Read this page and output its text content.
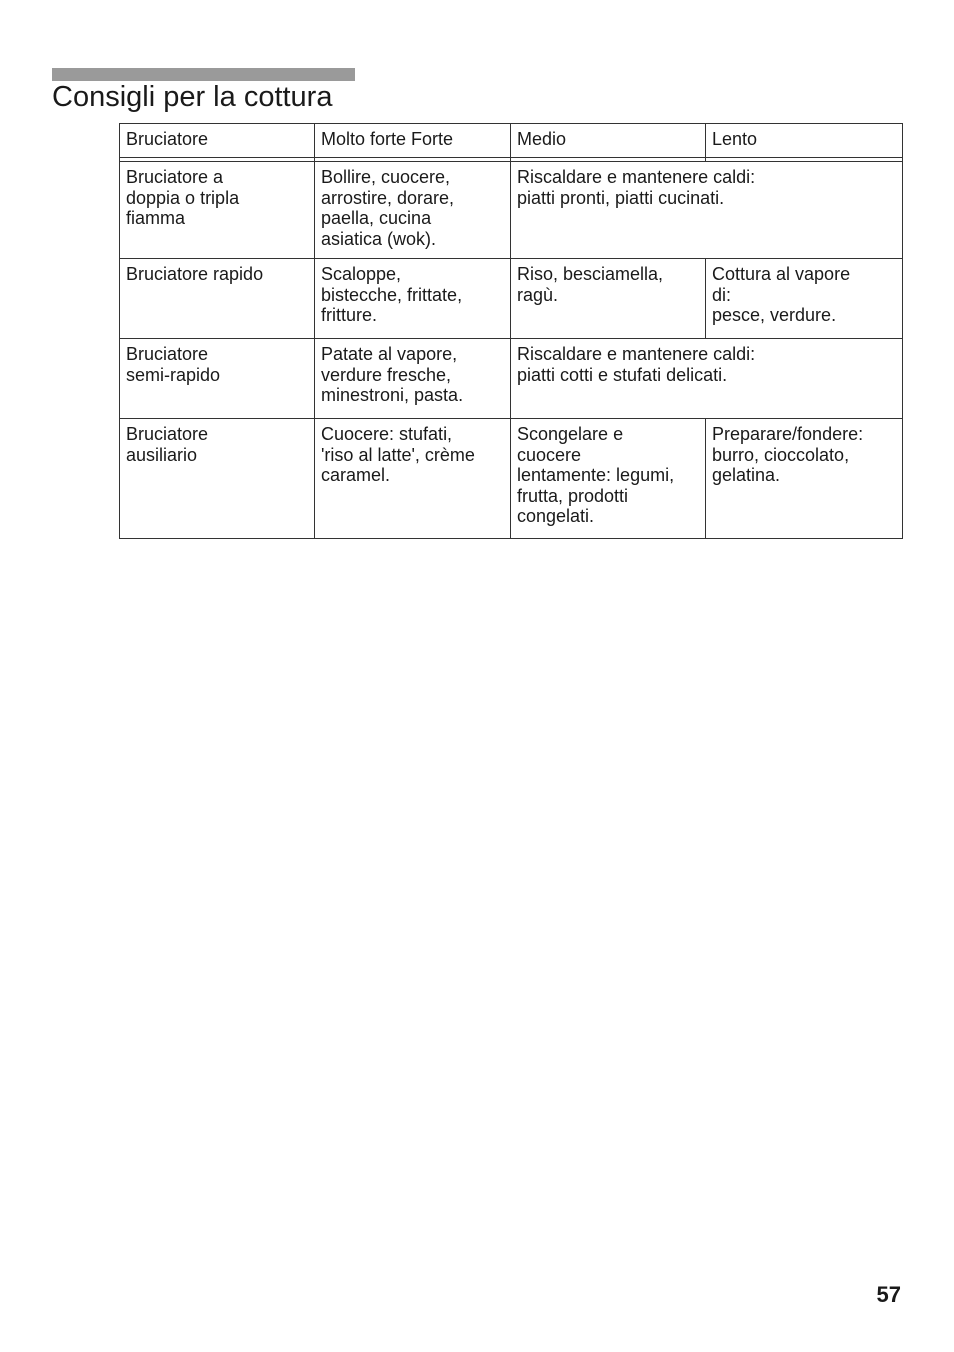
Consigli per la cottura
Bruciatore	Molto forte Forte	Medio	Lento

Bruciatore a
doppia o tripla
fiamma	Bollire, cuocere,
arrostire, dorare,
paella, cucina
asiatica (wok).	Riscaldare e mantenere caldi:
piatti pronti, piatti cucinati.	
Bruciatore rapido	Scaloppe,
bistecche, frittate,
fritture.	Riso, besciamella,
ragù.	Cottura al vapore
di:
pesce, verdure.
Bruciatore
semi-rapido	Patate al vapore,
verdure fresche,
minestroni, pasta.	Riscaldare e mantenere caldi:
piatti cotti e stufati delicati.	
Bruciatore
ausiliario	Cuocere: stufati,
'riso al latte', crème
caramel.	Scongelare e
cuocere
lentamente: legumi,
frutta, prodotti
congelati.	Preparare/fondere:
burro, cioccolato,
gelatina.
57
